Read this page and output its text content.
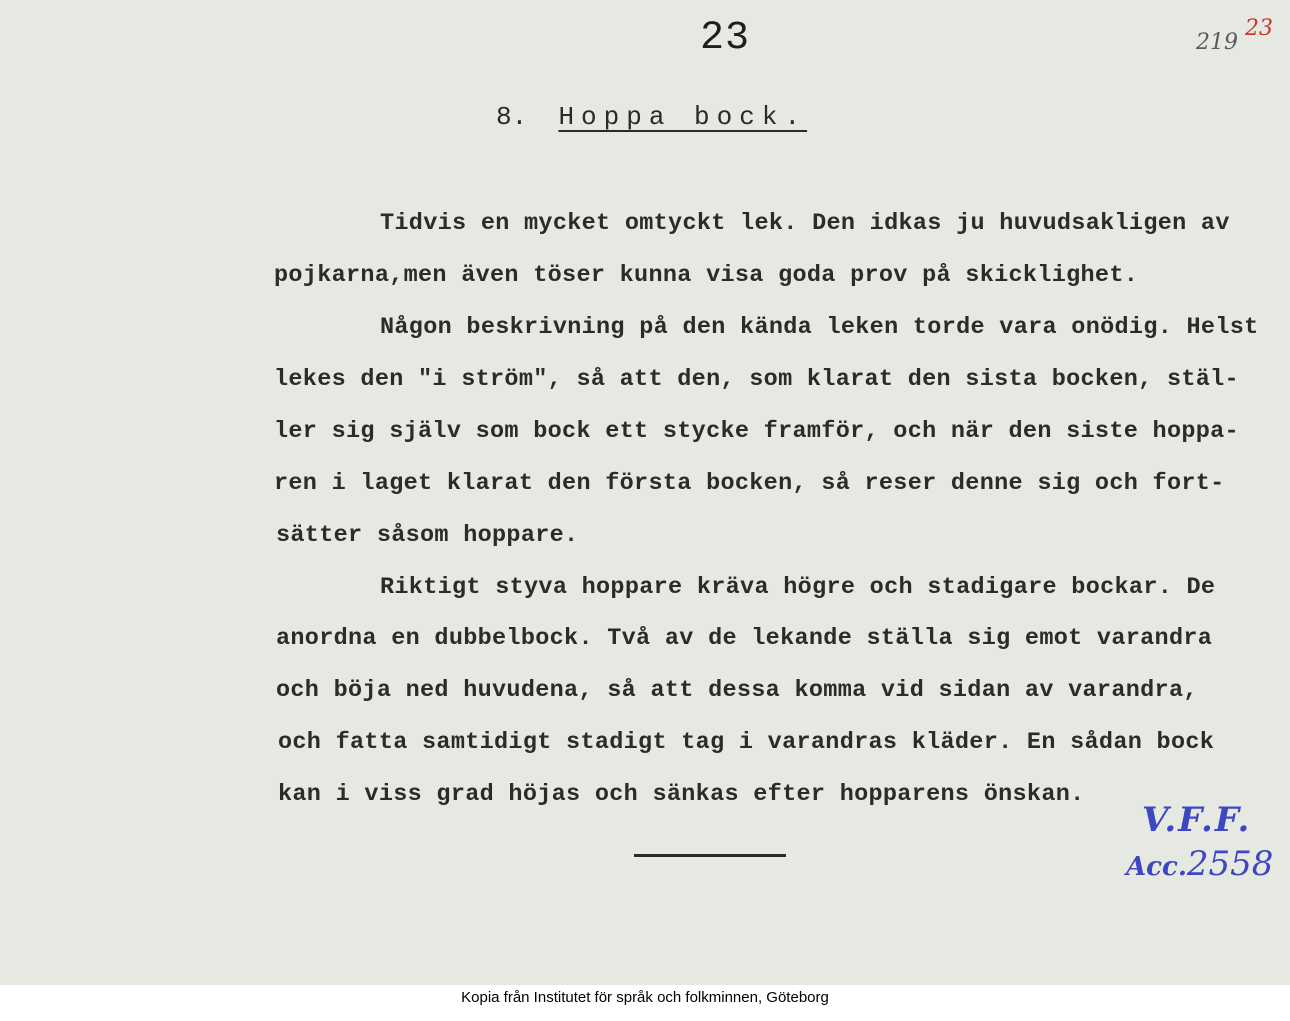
23	219
23
8. Hoppa bock.
Tidvis en mycket omtyckt lek. Den idkas ju huvudsakligen av
pojkarna,men även töser kunna visa goda prov på skicklighet.
Någon beskrivning på den kända leken torde vara onödig. Helst
lekes den "i ström", så att den, som klarat den sista bocken, stäl-
ler sig själv som bock ett stycke framför, och när den siste hoppa-
ren i laget klarat den första bocken, så reser denne sig och fort-
sätter såsom hoppare.
Riktigt styva hoppare kräva högre och stadigare bockar. De
anordna en dubbelbock. Två av de lekande ställa sig emot varandra
och böja ned huvudena, så att dessa komma vid sidan av varandra,
och fatta samtidigt stadigt tag i varandras kläder. En sådan bock
kan i viss grad höjas och sänkas efter hopparens önskan.
V.F.F.
Acc.2558
Kopia från Institutet för språk och folkminnen, Göteborg
